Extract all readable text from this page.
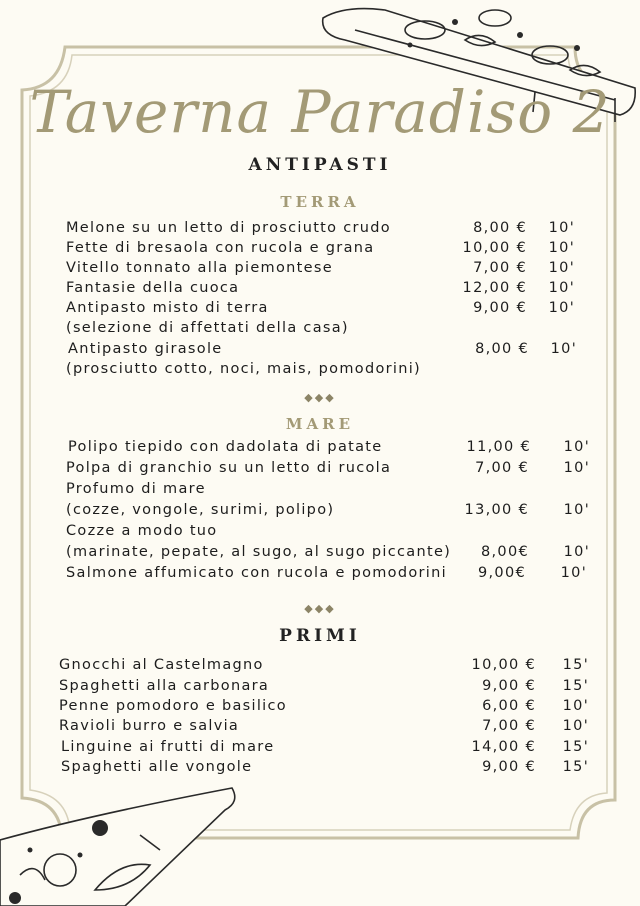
Taverna Paradiso 2
ANTIPASTI
TERRA
Melone su un letto di prosciutto crudo	8,00 € 10'
Fette di bresaola con rucola e grana	10,00 € 10'
Vitello tonnato alla piemontese	7,00 € 10'
Fantasie della cuoca	12,00 € 10'
Antipasto misto di terra	9,00 € 10'
(selezione di affettati della casa)
Antipasto girasole	8,00 € 10'
(prosciutto cotto, noci, mais, pomodorini)
◆◆◆
MARE
Polipo tiepido con dadolata di patate	11,00 € 10'
Polpa di granchio su un letto di rucola	7,00 € 10'
Profumo di mare
(cozze, vongole, surimi, polipo)	13,00 € 10'
Cozze a modo tuo
(marinate, pepate, al sugo, al sugo piccante) 8,00€ 10'
Salmone affumicato con rucola e pomodorini 9,00€ 10'
◆◆◆
PRIMI
Gnocchi al Castelmagno	10,00 € 15'
Spaghetti alla carbonara	9,00 € 15'
Penne pomodoro e basilico	6,00 € 10'
Ravioli burro e salvia	7,00 € 10'
Linguine ai frutti di mare	14,00 € 15'
Spaghetti alle vongole	9,00 € 15'
